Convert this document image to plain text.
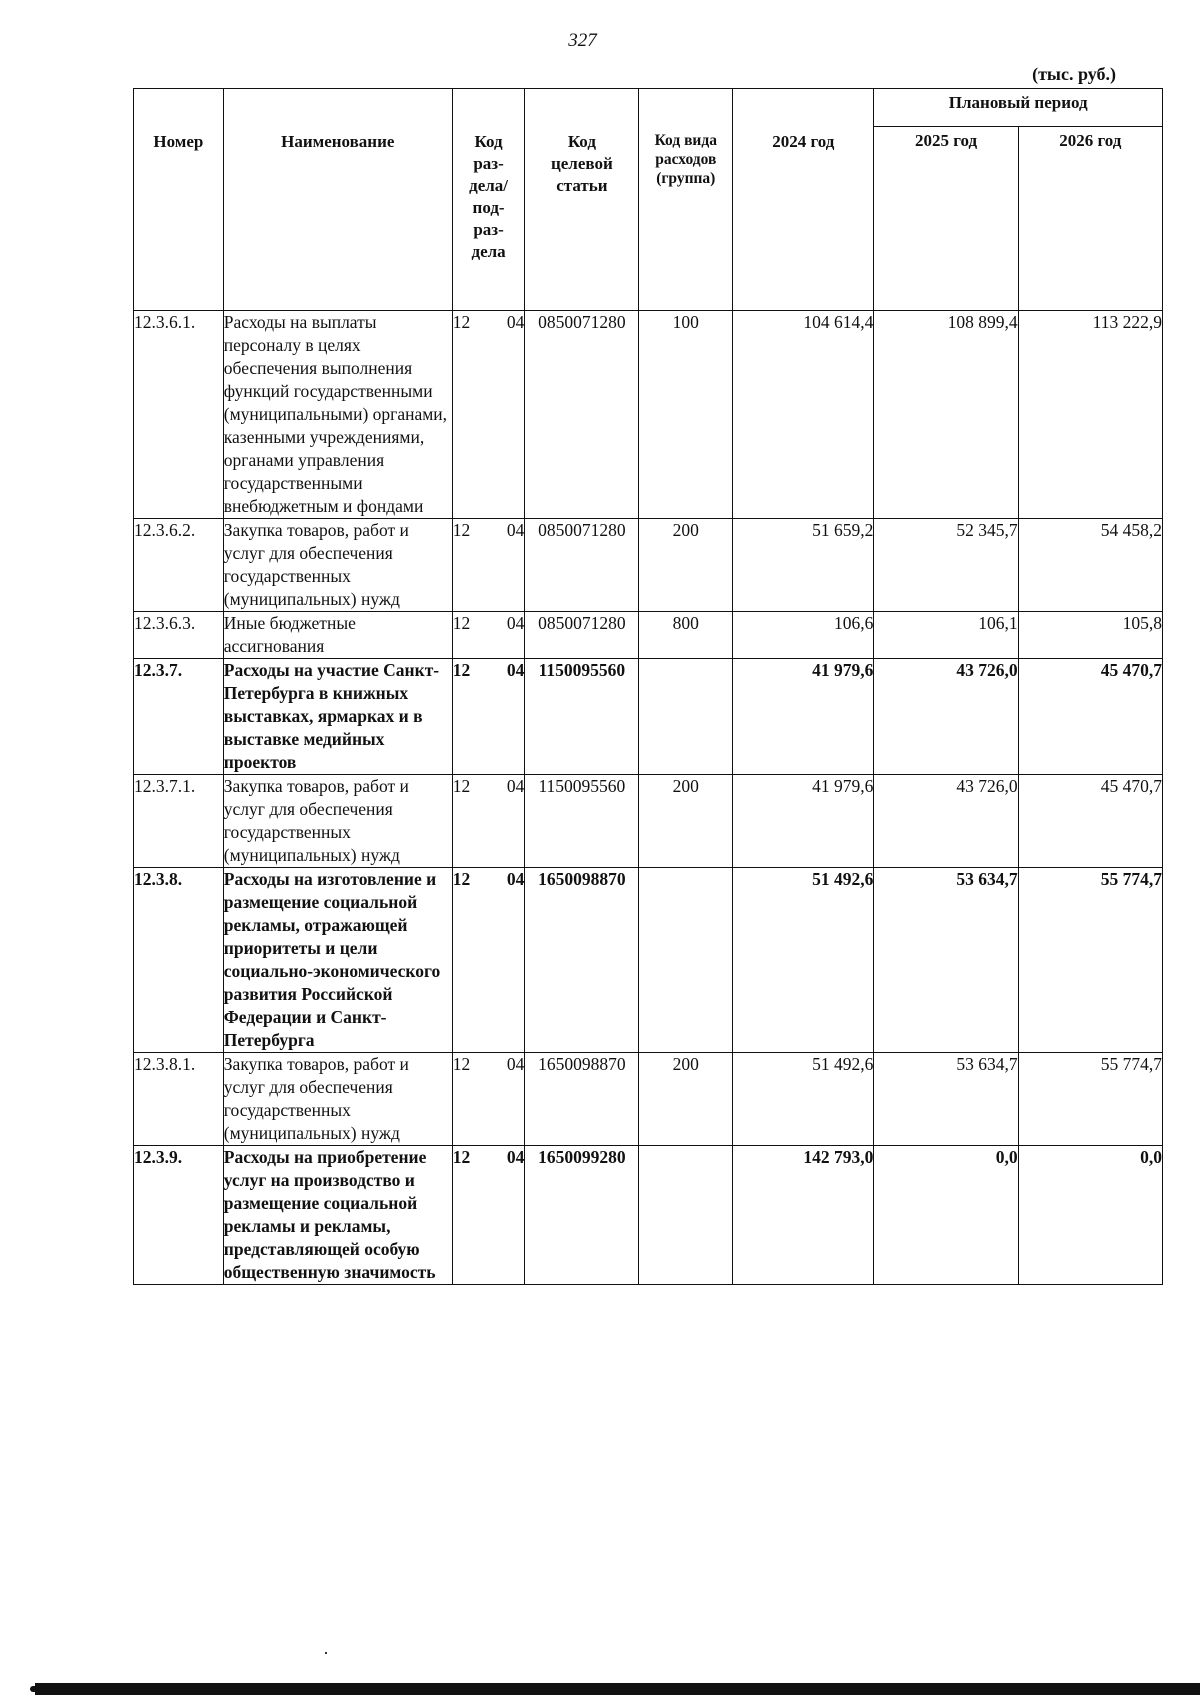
327
(тыс. руб.)
Номер	Наименование	Код раз-дела/ под-раз-дела		Код целевой статьи	Код вида расходов (группа)	2024 год	Плановый период	
							2025 год	2026 год
12.3.6.1.	Расходы на выплаты персоналу в целях обеспечения выполнения функций государственными (муниципальными) органами, казенными учреждениями, органами управления государственными внебюджетным и фондами	12	04	0850071280	100	104 614,4	108 899,4	113 222,9
12.3.6.2.	Закупка товаров, работ и услуг для обеспечения государственных (муниципальных) нужд	12	04	0850071280	200	51 659,2	52 345,7	54 458,2
12.3.6.3.	Иные бюджетные ассигнования	12	04	0850071280	800	106,6	106,1	105,8
12.3.7.	Расходы на участие Санкт-Петербурга в книжных выставках, ярмарках и в выставке медийных проектов	12	04	1150095560		41 979,6	43 726,0	45 470,7
12.3.7.1.	Закупка товаров, работ и услуг для обеспечения государственных (муниципальных) нужд	12	04	1150095560	200	41 979,6	43 726,0	45 470,7
12.3.8.	Расходы на изготовление и размещение социальной рекламы, отражающей приоритеты и цели социально-экономического развития Российской Федерации и Санкт-Петербурга	12	04	1650098870		51 492,6	53 634,7	55 774,7
12.3.8.1.	Закупка товаров, работ и услуг для обеспечения государственных (муниципальных) нужд	12	04	1650098870	200	51 492,6	53 634,7	55 774,7
12.3.9.	Расходы на приобретение услуг на производство и размещение социальной рекламы и рекламы, представляющей особую общественную значимость	12	04	1650099280		142 793,0	0,0	0,0
